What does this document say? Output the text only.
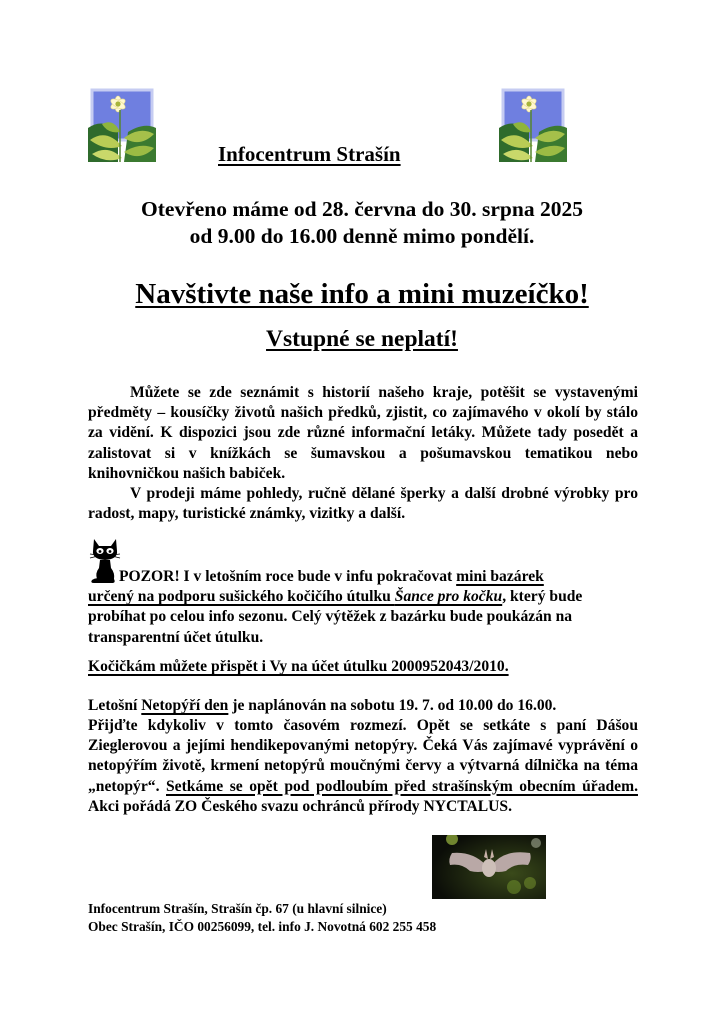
Infocentrum Strašín
Otevřeno máme od 28. června do 30. srpna 2025
od 9.00 do 16.00 denně mimo pondělí.
Navštivte naše info a mini muzeíčko!
Vstupné se neplatí!
Můžete se zde seznámit s historií našeho kraje, potěšit se vystavenými předměty – kousíčky životů našich předků, zjistit, co zajímavého v okolí by stálo za vidění. K dispozici jsou zde různé informační letáky. Můžete tady posedět a zalistovat si v knížkách se šumavskou a pošumavskou tematikou nebo knihovničkou našich babiček.
V prodeji máme pohledy, ručně dělané šperky a další drobné výrobky pro radost, mapy, turistické známky, vizitky a další.
POZOR! I v letošním roce bude v infu pokračovat mini bazárek
určený na podporu sušického kočičího útulku Šance pro kočku, který bude probíhat po celou info sezonu. Celý výtěžek z bazárku bude poukázán na transparentní účet útulku.
Kočičkám můžete přispět i Vy na účet útulku 2000952043/2010.
Letošní Netopýří den je naplánován na sobotu 19. 7. od 10.00 do 16.00.
Přijďte kdykoliv v tomto časovém rozmezí. Opět se setkáte s paní Dášou Zieglerovou a jejími hendikepovanými netopýry. Čeká Vás zajímavé vyprávění o netopýřím životě, krmení netopýrů moučnými červy a výtvarná dílnička na téma „netopýr“. Setkáme se opět pod podloubím před strašínským obecním úřadem. Akci pořádá ZO Českého svazu ochránců přírody NYCTALUS.
Infocentrum Strašín, Strašín čp. 67 (u hlavní silnice)
Obec Strašín, IČO 00256099, tel. info J. Novotná 602 255 458
